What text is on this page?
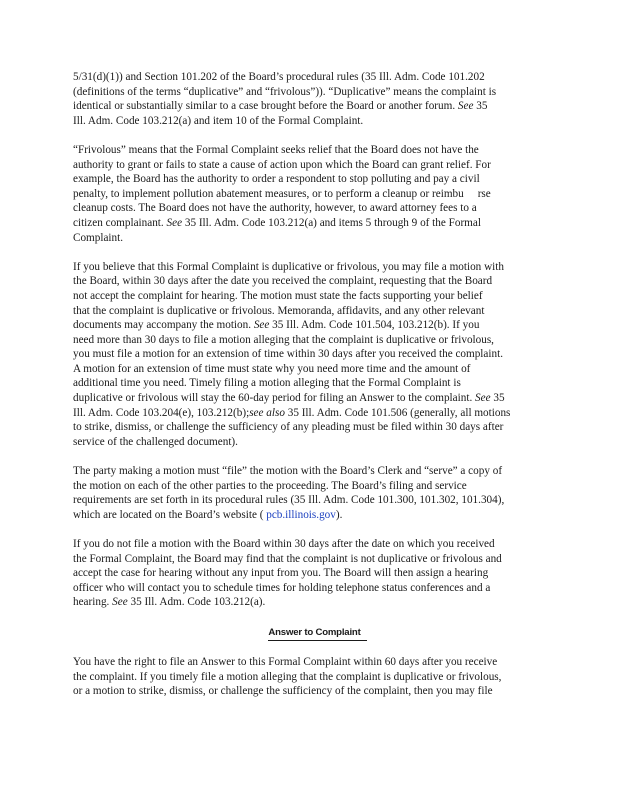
5/31(d)(1)) and Section 101.202 of the Board’s procedural rules (35 Ill. Adm. Code 101.202
(definitions of the terms “duplicative” and “frivolous”)). “Duplicative” means the complaint is
identical or substantially similar to a case brought before the Board or another forum. See 35
Ill. Adm. Code 103.212(a) and item 10 of the Formal Complaint.
“Frivolous” means that the Formal Complaint seeks relief that the Board does not have the
authority to grant or fails to state a cause of action upon which the Board can grant relief. For
example, the Board has the authority to order a respondent to stop polluting and pay a civil
penalty, to implement pollution abatement measures, or to perform a cleanup or reimbu     rse
cleanup costs. The Board does not have the authority, however, to award attorney fees to a
citizen complainant. See 35 Ill. Adm. Code 103.212(a) and items 5 through 9 of the Formal
Complaint.
If you believe that this Formal Complaint is duplicative or frivolous, you may file a motion with
the Board, within 30 days after the date you received the complaint, requesting that the Board
not accept the complaint for hearing. The motion must state the facts supporting your belief
that the complaint is duplicative or frivolous. Memoranda, affidavits, and any other relevant
documents may accompany the motion. See 35 Ill. Adm. Code 101.504, 103.212(b). If you
need more than 30 days to file a motion alleging that the complaint is duplicative or frivolous,
you must file a motion for an extension of time within 30 days after you received the complaint.
A motion for an extension of time must state why you need more time and the amount of
additional time you need. Timely filing a motion alleging that the Formal Complaint is
duplicative or frivolous will stay the 60-day period for filing an Answer to the complaint. See 35
Ill. Adm. Code 103.204(e), 103.212(b);see also 35 Ill. Adm. Code 101.506 (generally, all motions
to strike, dismiss, or challenge the sufficiency of any pleading must be filed within 30 days after
service of the challenged document).
The party making a motion must “file” the motion with the Board’s Clerk and “serve” a copy of
the motion on each of the other parties to the proceeding. The Board’s filing and service
requirements are set forth in its procedural rules (35 Ill. Adm. Code 101.300, 101.302, 101.304),
which are located on the Board’s website ( pcb.illinois.gov).
If you do not file a motion with the Board within 30 days after the date on which you received
the Formal Complaint, the Board may find that the complaint is not duplicative or frivolous and
accept the case for hearing without any input from you. The Board will then assign a hearing
officer who will contact you to schedule times for holding telephone status conferences and a
hearing. See 35 Ill. Adm. Code 103.212(a).
Answer to Complaint
You have the right to file an Answer to this Formal Complaint within 60 days after you receive
the complaint. If you timely file a motion alleging that the complaint is duplicative or frivolous,
or a motion to strike, dismiss, or challenge the sufficiency of the complaint, then you may file
